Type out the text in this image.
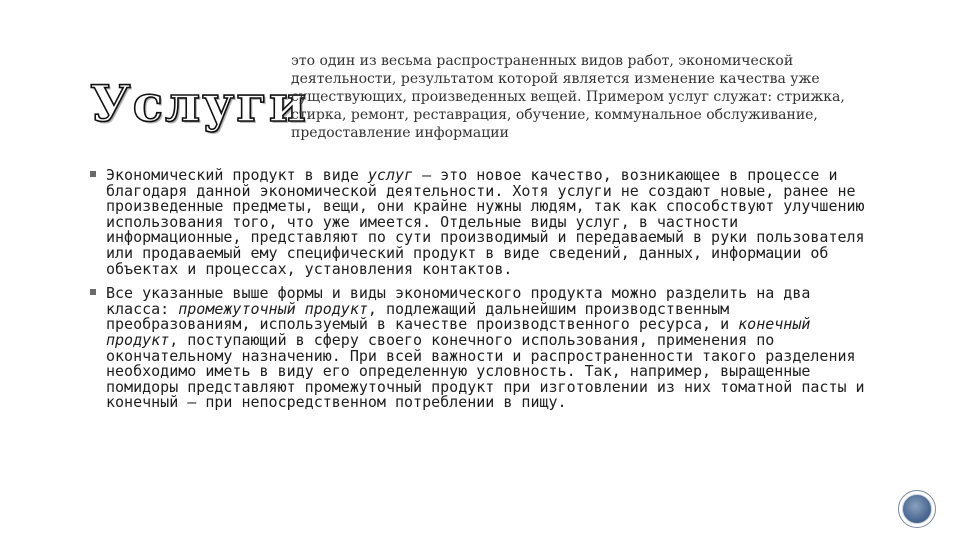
Услуги

это один из весьма распространенных видов работ, экономической деятельности, результатом которой является изменение качества уже существующих, произведенных вещей. Примером услуг служат: стрижка, стирка, ремонт, реставрация, обучение, коммунальное обслуживание, предоставление информации

Экономический продукт в виде услуг — это новое качество, возникающее в процессе и благодаря данной экономической деятельности. Хотя услуги не создают новые, ранее не произведенные предметы, вещи, они крайне нужны людям, так как способствуют улучшению использования того, что уже имеется. Отдельные виды услуг, в частности информационные, представляют по сути производимый и передаваемый в руки пользователя или продаваемый ему специфический продукт в виде сведений, данных, информации об объектах и процессах, установления контактов.
Все указанные выше формы и виды экономического продукта можно разделить на два класса: промежуточный продукт, подлежащий дальнейшим производственным преобразованиям, используемый в качестве производственного ресурса, и конечный продукт, поступающий в сферу своего конечного использования, применения по окончательному назначению. При всей важности и распространенности такого разделения необходимо иметь в виду его определенную условность. Так, например, выращенные помидоры представляют промежуточный продукт при изготовлении из них томатной пасты и конечный — при непосредственном потреблении в пищу.
